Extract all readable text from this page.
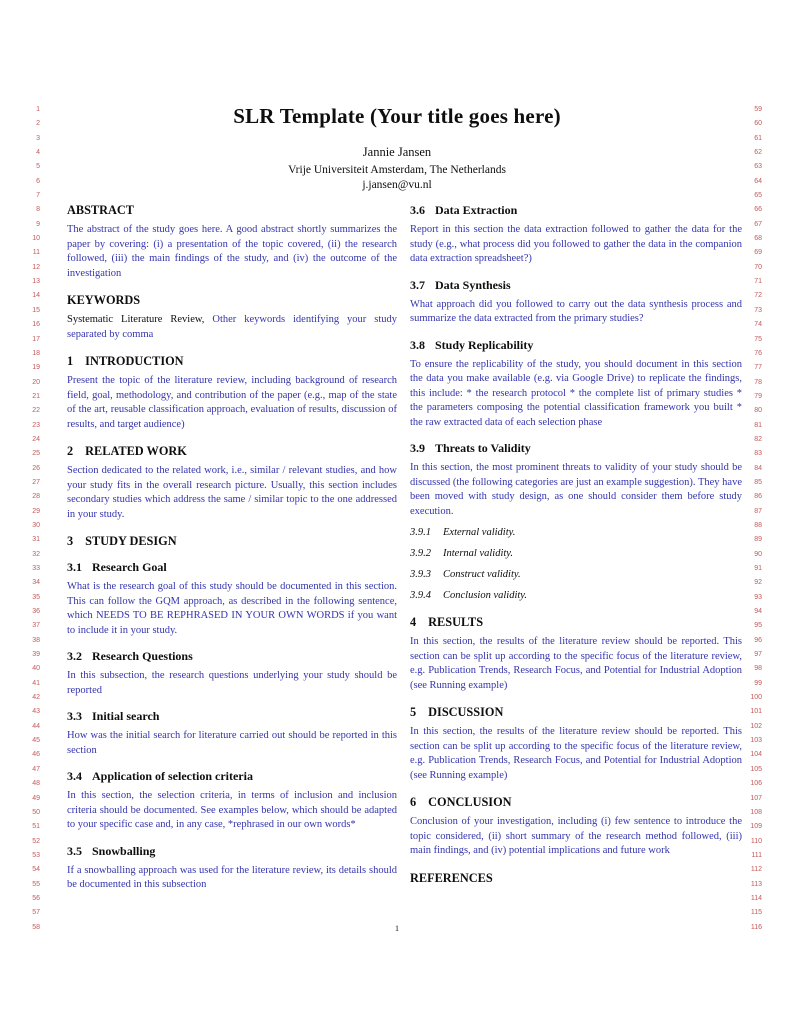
1
2
3
4
5
6
7
8
9
10
11
12
13
14
15
16
17
18
19
20
21
22
23
24
25
26
27
28
29
30
31
32
33
34
35
36
37
38
39
40
41
42
43
44
45
46
47
48
49
50
51
52
53
54
55
56
57
58
59
60
61
62
63
64
65
66
67
68
69
70
71
72
73
74
75
76
77
78
79
80
81
82
83
84
85
86
87
88
89
90
91
92
93
94
95
96
97
98
99
100
101
102
103
104
105
106
107
108
109
110
111
112
113
114
115
116
SLR Template (Your title goes here)

Jannie Jansen

Vrije Universiteit Amsterdam, The Netherlands

j.jansen@vu.nl

ABSTRACT

The abstract of the study goes here. A good abstract shortly summarizes the paper by covering: (i) a presentation of the topic covered, (ii) the research followed, (iii) the main findings of the study, and (iv) the outcome of the investigation

KEYWORDS

Systematic Literature Review, Other keywords identifying your study separated by comma

1 INTRODUCTION

Present the topic of the literature review, including background of research field, goal, methodology, and contribution of the paper (e.g., map of the state of the art, reusable classification approach, evaluation of results, discussion of results, and target audience)

2 RELATED WORK

Section dedicated to the related work, i.e., similar / relevant studies, and how your study fits in the overall research picture. Usually, this section includes secondary studies which address the same / similar topic to the one addressed in your study.

3 STUDY DESIGN
3.1 Research Goal

What is the research goal of this study should be documented in this section. This can follow the GQM approach, as described in the following sentence, which NEEDS TO BE REPHRASED IN YOUR OWN WORDS if you want to include it in your study.

3.2 Research Questions

In this subsection, the research questions underlying your study should be reported

3.3 Initial search

How was the initial search for literature carried out should be reported in this section

3.4 Application of selection criteria

In this section, the selection criteria, in terms of inclusion and inclusion criteria should be documented. See examples below, which should be adapted to your specific case and, in any case, *rephrased in our own words*

3.5 Snowballing

If a snowballing approach was used for the literature review, its details should be documented in this subsection

3.6 Data Extraction

Report in this section the data extraction followed to gather the data for the study (e.g., what process did you followed to gather the data in the companion data extraction spreadsheet?)

3.7 Data Synthesis

What approach did you followed to carry out the data synthesis process and summarize the data extracted from the primary studies?

3.8 Study Replicability

To ensure the replicability of the study, you should document in this section the data you make available (e.g. via Google Drive) to replicate the findings, this include: * the research protocol * the complete list of primary studies * the parameters composing the potential classification framework you built * the raw extracted data of each selection phase

3.9 Threats to Validity

In this section, the most prominent threats to validity of your study should be discussed (the following categories are just an example suggestion). They have been moved with study design, as one should consider them before study execution.

3.9.1 External validity.
3.9.2 Internal validity.
3.9.3 Construct validity.
3.9.4 Conclusion validity.
4 RESULTS

In this section, the results of the literature review should be reported. This section can be split up according to the specific focus of the literature review, e.g. Publication Trends, Research Focus, and Potential for Industrial Adoption (see Running example)

5 DISCUSSION

In this section, the results of the literature review should be reported. This section can be split up according to the specific focus of the literature review, e.g. Publication Trends, Research Focus, and Potential for Industrial Adoption (see Running example)

6 CONCLUSION

Conclusion of your investigation, including (i) few sentence to introduce the topic considered, (ii) short summary of the research method followed, (iii) main findings, and (iv) potential implications and future work

REFERENCES
1
